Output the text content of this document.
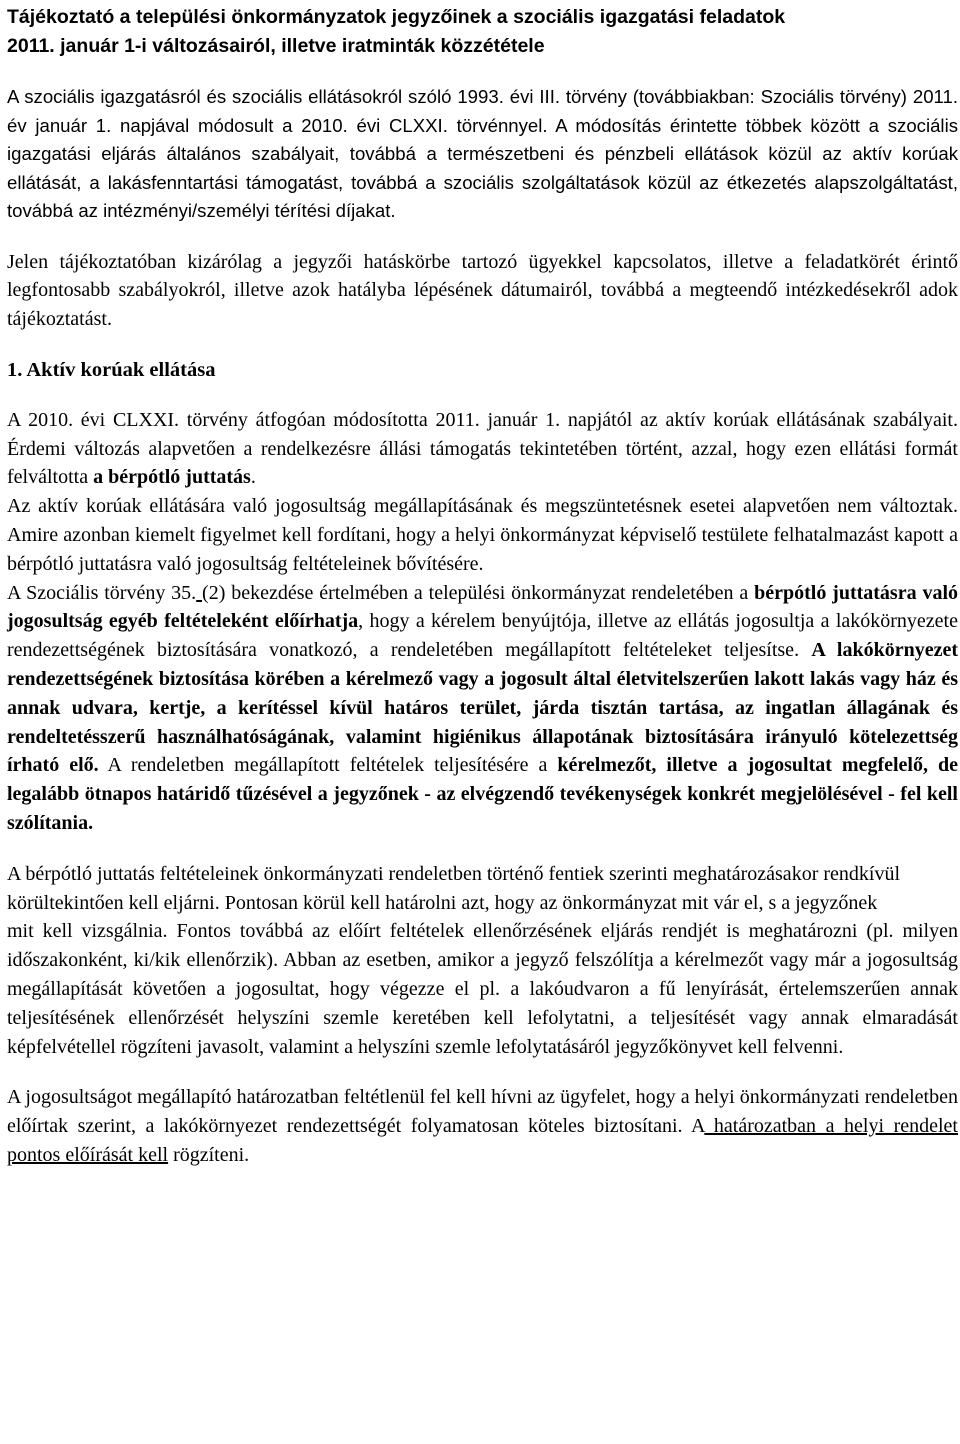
Tájékoztató a települési önkormányzatok jegyzőinek a szociális igazgatási feladatok

2011. január 1-i változásairól, illetve iratminták közzététele

A szociális igazgatásról és szociális ellátásokról szóló 1993. évi III. törvény (továbbiakban: Szociális törvény) 2011. év január 1. napjával módosult a 2010. évi CLXXI. törvénnyel. A módosítás érintette többek között a szociális igazgatási eljárás általános szabályait, továbbá a természetbeni és pénzbeli ellátások közül az aktív korúak ellátását, a lakásfenntartási támogatást, továbbá a szociális szolgáltatások közül az étkezetés alapszolgáltatást, továbbá az intézményi/személyi térítési díjakat.

Jelen tájékoztatóban kizárólag a jegyzői hatáskörbe tartozó ügyekkel kapcsolatos, illetve a feladatkörét érintő legfontosabb szabályokról, illetve azok hatályba lépésének dátumairól, továbbá a megteendő intézkedésekről adok tájékoztatást.

1. Aktív korúak ellátása

A 2010. évi CLXXI. törvény átfogóan módosította 2011. január 1. napjától az aktív korúak ellátásának szabályait. Érdemi változás alapvetően a rendelkezésre állási támogatás tekintetében történt, azzal, hogy ezen ellátási formát felváltotta a bérpótló juttatás.

Az aktív korúak ellátására való jogosultság megállapításának és megszüntetésnek esetei alapvetően nem változtak. Amire azonban kiemelt figyelmet kell fordítani, hogy a helyi önkormányzat képviselő testülete felhatalmazást kapott a bérpótló juttatásra való jogosultság feltételeinek bővítésére.

A Szociális törvény 35. (2) bekezdése értelmében a települési önkormányzat rendeletében a bérpótló juttatásra való jogosultság egyéb feltételeként előírhatja, hogy a kérelem benyújtója, illetve az ellátás jogosultja a lakókörnyezete rendezettségének biztosítására vonatkozó, a rendeletében megállapított feltételeket teljesítse. A lakókörnyezet rendezettségének biztosítása körében a kérelmező vagy a jogosult által életvitelszerűen lakott lakás vagy ház és annak udvara, kertje, a kerítéssel kívül határos terület, járda tisztán tartása, az ingatlan állagának és rendeltetésszerű használhatóságának, valamint higiénikus állapotának biztosítására irányuló kötelezettség írható elő. A rendeletben megállapított feltételek teljesítésére a kérelmezőt, illetve a jogosultat megfelelő, de legalább ötnapos határidő tűzésével a jegyzőnek - az elvégzendő tevékenységek konkrét megjelölésével - fel kell szólítania.

A bérpótló juttatás feltételeinek önkormányzati rendeletben történő fentiek szerinti meghatározásakor rendkívül körültekintően kell eljárni. Pontosan körül kell határolni azt, hogy az önkormányzat mit vár el, s a jegyzőnek

mit kell vizsgálnia. Fontos továbbá az előírt feltételek ellenőrzésének eljárás rendjét is meghatározni (pl. milyen időszakonként, ki/kik ellenőrzik). Abban az esetben, amikor a jegyző felszólítja a kérelmezőt vagy már a jogosultság megállapítását követően a jogosultat, hogy végezze el pl. a lakóudvaron a fű lenyírását, értelemszerűen annak teljesítésének ellenőrzését helyszíni szemle keretében kell lefolytatni, a teljesítését vagy annak elmaradását képfelvétellel rögzíteni javasolt, valamint a helyszíni szemle lefolytatásáról jegyzőkönyvet kell felvenni.

A jogosultságot megállapító határozatban feltétlenül fel kell hívni az ügyfelet, hogy a helyi önkormányzati rendeletben előírtak szerint, a lakókörnyezet rendezettségét folyamatosan köteles biztosítani. A határozatban a helyi rendelet pontos előírását kell rögzíteni.
